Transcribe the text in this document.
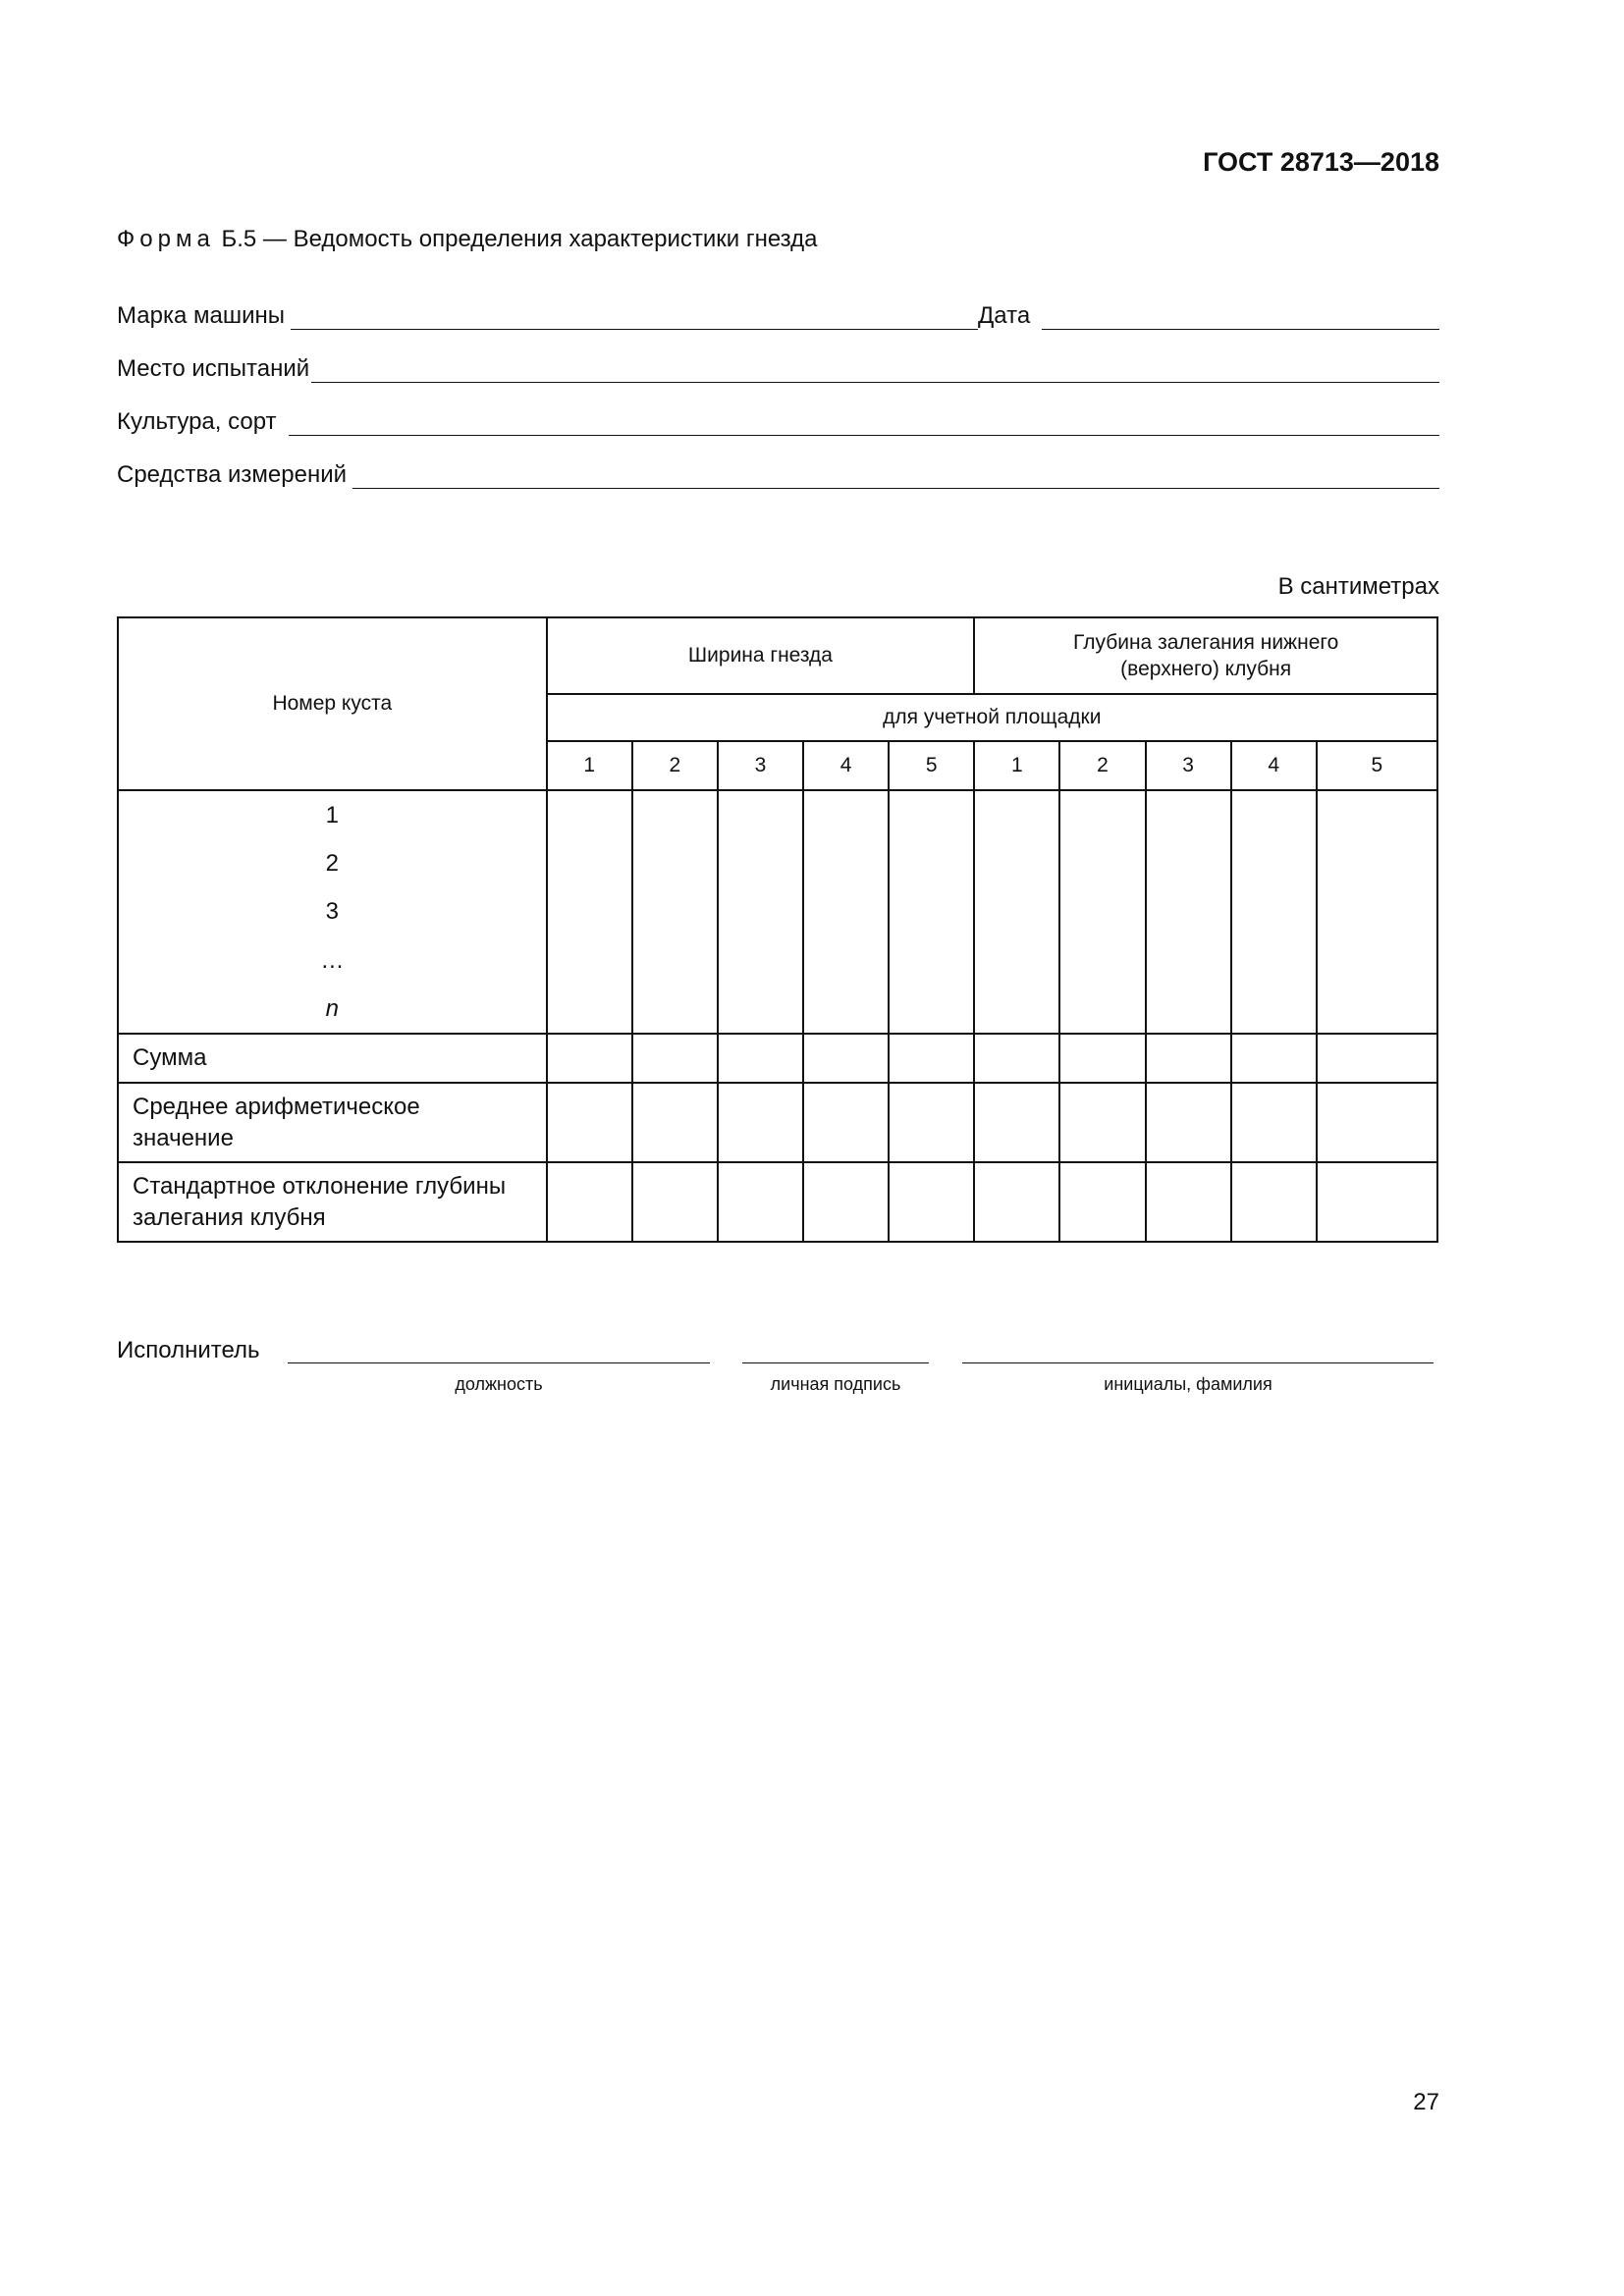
ГОСТ 28713—2018
Форма Б.5 — Ведомость определения характеристики гнезда
Марка машины	Дата
Место испытаний
Культура, сорт
Средства измерений
В сантиметрах
Номер куста	Ширина гнезда					Глубина залегания нижнего (верхнего) клубня				
	для учетной площадки									
	1	2	3	4	5	1	2	3	4	5

1
2
3
…
n										

Сумма										
Среднее арифметическое значение										
Стандартное отклонение глубины залегания клубня										
Исполнитель
должность	личная подпись	инициалы, фамилия
27
